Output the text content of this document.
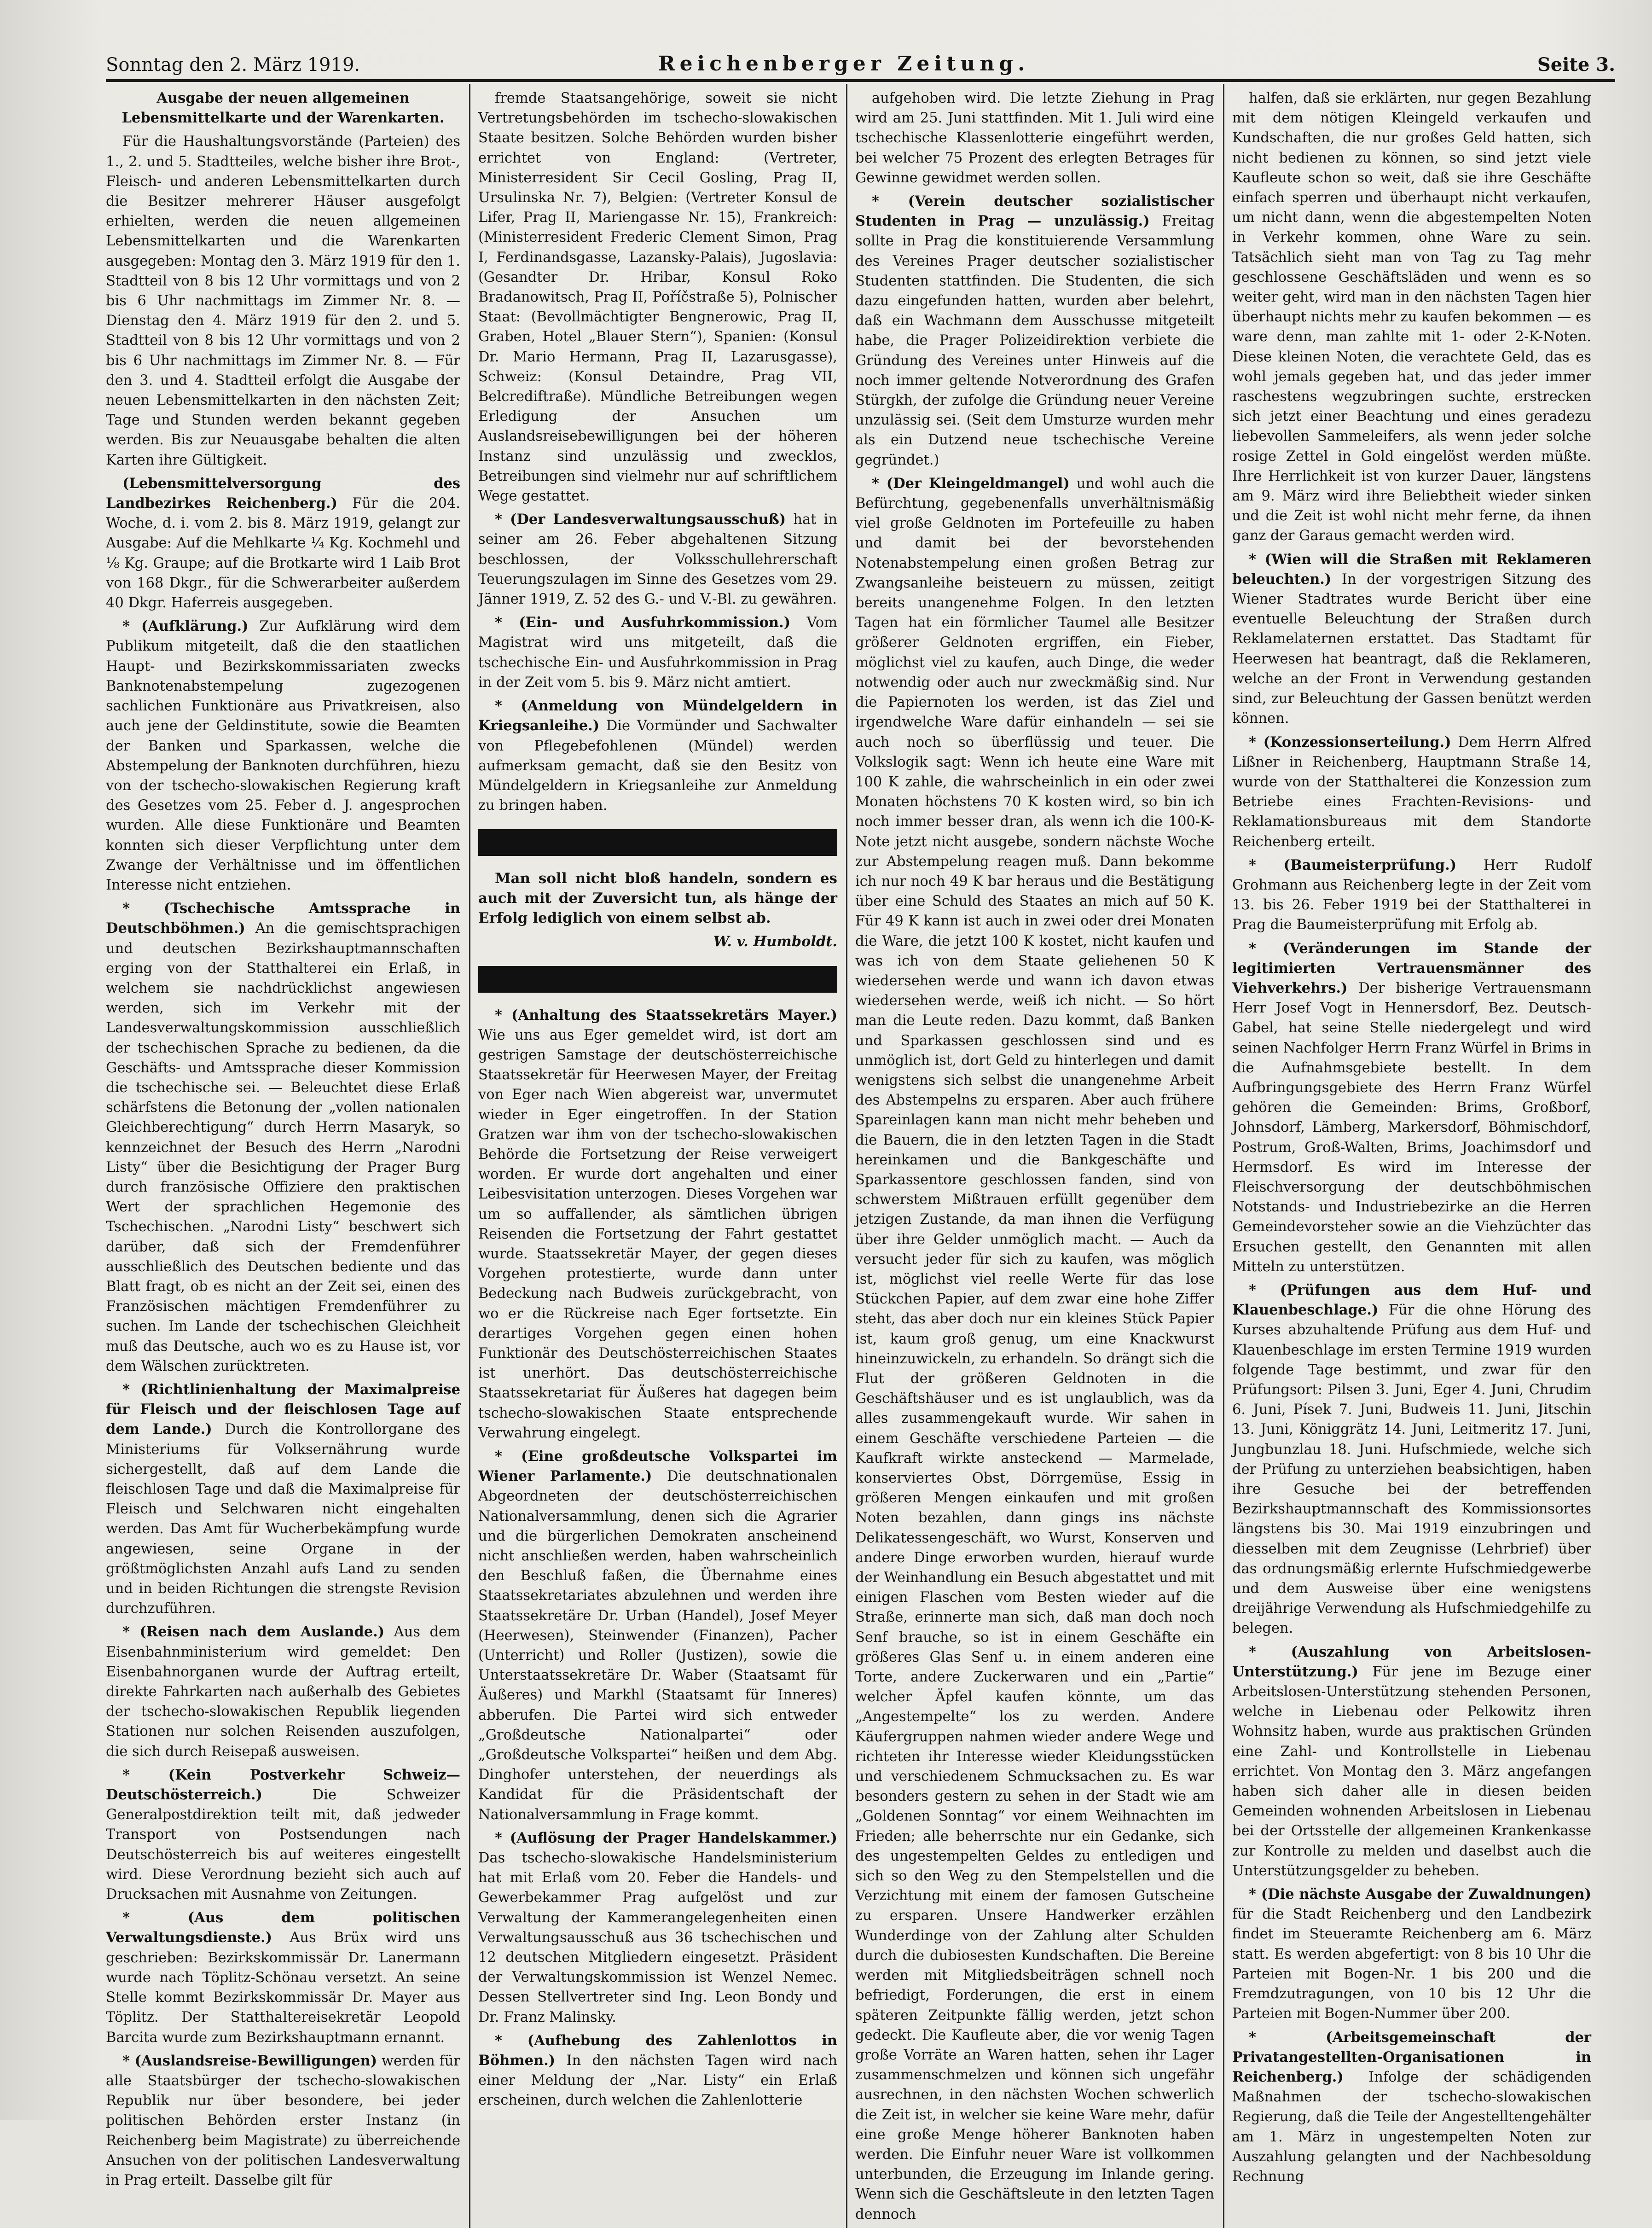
Sonntag den 2. März 1919.	Reichenberger Zeitung.	Seite 3.

Ausgabe der neuen allgemeinen Lebensmittelkarte und der Warenkarten.

Für die Haushaltungsvorstände (Parteien) des 1., 2. und 5. Stadtteiles, welche bisher ihre Brot-, Fleisch- und anderen Lebensmittelkarten durch die Besitzer mehrerer Häuser ausgefolgt erhielten, werden die neuen allgemeinen Lebensmittelkarten und die Warenkarten ausgegeben: Montag den 3. März 1919 für den 1. Stadtteil von 8 bis 12 Uhr vormittags und von 2 bis 6 Uhr nachmittags im Zimmer Nr. 8. — Dienstag den 4. März 1919 für den 2. und 5. Stadtteil von 8 bis 12 Uhr vormittags und von 2 bis 6 Uhr nachmittags im Zimmer Nr. 8. — Für den 3. und 4. Stadtteil erfolgt die Ausgabe der neuen Lebensmittelkarten in den nächsten Zeit; Tage und Stunden werden bekannt gegeben werden. Bis zur Neuausgabe behalten die alten Karten ihre Gültigkeit.

(Lebensmittelversorgung des Landbezirkes Reichenberg.) Für die 204. Woche, d. i. vom 2. bis 8. März 1919, gelangt zur Ausgabe: Auf die Mehlkarte ¼ Kg. Kochmehl und ⅛ Kg. Graupe; auf die Brotkarte wird 1 Laib Brot von 168 Dkgr., für die Schwerarbeiter außerdem 40 Dkgr. Haferreis ausgegeben.

* (Aufklärung.) Zur Aufklärung wird dem Publikum mitgeteilt, daß die den staatlichen Haupt- und Bezirkskommissariaten zwecks Banknotenabstempelung zugezogenen sachlichen Funktionäre aus Privatkreisen, also auch jene der Geldinstitute, sowie die Beamten der Banken und Sparkassen, welche die Abstempelung der Banknoten durchführen, hiezu von der tschecho-slowakischen Regierung kraft des Gesetzes vom 25. Feber d. J. angesprochen wurden. Alle diese Funktionäre und Beamten konnten sich dieser Verpflichtung unter dem Zwange der Verhältnisse und im öffentlichen Interesse nicht entziehen.

* (Tschechische Amtssprache in Deutschböhmen.) An die gemischtsprachigen und deutschen Bezirkshauptmannschaften erging von der Statthalterei ein Erlaß, in welchem sie nachdrücklichst angewiesen werden, sich im Verkehr mit der Landesverwaltungskommission ausschließlich der tschechischen Sprache zu bedienen, da die Geschäfts- und Amtssprache dieser Kommission die tschechische sei. — Beleuchtet diese Erlaß schärfstens die Betonung der „vollen nationalen Gleichberechtigung“ durch Herrn Masaryk, so kennzeichnet der Besuch des Herrn „Narodni Listy“ über die Besichtigung der Prager Burg durch französische Offiziere den praktischen Wert der sprachlichen Hegemonie des Tschechischen. „Narodni Listy“ beschwert sich darüber, daß sich der Fremdenführer ausschließlich des Deutschen bediente und das Blatt fragt, ob es nicht an der Zeit sei, einen des Französischen mächtigen Fremdenführer zu suchen. Im Lande der tschechischen Gleichheit muß das Deutsche, auch wo es zu Hause ist, vor dem Wälschen zurücktreten.

* (Richtlinienhaltung der Maximalpreise für Fleisch und der fleischlosen Tage auf dem Lande.) Durch die Kontrollorgane des Ministeriums für Volksernährung wurde sichergestellt, daß auf dem Lande die fleischlosen Tage und daß die Maximalpreise für Fleisch und Selchwaren nicht eingehalten werden. Das Amt für Wucherbekämpfung wurde angewiesen, seine Organe in der größtmöglichsten Anzahl aufs Land zu senden und in beiden Richtungen die strengste Revision durchzuführen.

* (Reisen nach dem Auslande.) Aus dem Eisenbahnministerium wird gemeldet: Den Eisenbahnorganen wurde der Auftrag erteilt, direkte Fahrkarten nach außerhalb des Gebietes der tschecho-slowakischen Republik liegenden Stationen nur solchen Reisenden auszufolgen, die sich durch Reisepaß ausweisen.

* (Kein Postverkehr Schweiz—Deutschösterreich.)	Die Schweizer Generalpostdirektion teilt mit, daß jedweder Transport von Postsendungen nach Deutschösterreich bis auf weiteres eingestellt wird. Diese Verordnung bezieht sich auch auf Drucksachen mit Ausnahme von Zeitungen.

* (Aus dem politischen Verwaltungsdienste.) Aus Brüx wird uns geschrieben: Bezirkskommissär Dr. Lanermann wurde nach Töplitz-Schönau versetzt. An seine Stelle kommt Bezirkskommissär Dr. Mayer aus Töplitz. Der Statthaltereisekretär Leopold Barcita wurde zum Bezirkshauptmann ernannt.

* (Auslandsreise-Bewilligungen) werden für alle Staatsbürger der tschecho-slowakischen Republik nur über besondere, bei jeder politischen Behörden erster Instanz (in Reichenberg beim Magistrate) zu überreichende Ansuchen von der politischen Landesverwaltung in Prag erteilt. Dasselbe gilt für

fremde Staatsangehörige, soweit sie nicht Vertretungsbehörden im tschecho-slowakischen Staate besitzen. Solche Behörden wurden bisher errichtet von England: (Vertreter, Ministerresident Sir Cecil Gosling, Prag II, Ursulinska Nr. 7), Belgien: (Vertreter Konsul de Lifer, Prag II, Mariengasse Nr. 15), Frankreich: (Ministerresident Frederic Clement Simon, Prag I, Ferdinandsgasse, Lazansky-Palais), Jugoslavia: (Gesandter Dr. Hribar, Konsul Roko Bradanowitsch, Prag II, Poříčstraße 5), Polnischer Staat: (Bevollmächtigter Bengnerowic, Prag II, Graben, Hotel „Blauer Stern“), Spanien: (Konsul Dr. Mario Hermann, Prag II, Lazarusgasse), Schweiz: (Konsul Detaindre, Prag VII, Belcrediftraße). Mündliche Betreibungen wegen Erledigung der Ansuchen um Auslandsreisebewilligungen bei der höheren Instanz sind unzulässig und zwecklos, Betreibungen sind vielmehr nur auf schriftlichem Wege gestattet.

* (Der Landesverwaltungsausschuß) hat in seiner am 26. Feber abgehaltenen Sitzung beschlossen, der Volksschullehrerschaft Teuerungszulagen im Sinne des Gesetzes vom 29. Jänner 1919, Z. 52 des G.- und V.-Bl. zu gewähren.

* (Ein- und Ausfuhrkommission.) Vom Magistrat wird uns mitgeteilt, daß die tschechische Ein- und Ausfuhrkommission in Prag in der Zeit vom 5. bis 9. März nicht amtiert.

* (Anmeldung von Mündelgeldern in Kriegsanleihe.) Die Vormünder und Sachwalter von Pflegebefohlenen (Mündel) werden aufmerksam gemacht, daß sie den Besitz von Mündelgeldern in Kriegsanleihe zur Anmeldung zu bringen haben.

Man soll nicht bloß handeln, sondern es auch mit der Zuversicht tun, als hänge der Erfolg lediglich von einem selbst ab.

W. v. Humboldt.

* (Anhaltung des Staatssekretärs Mayer.) Wie uns aus Eger gemeldet wird, ist dort am gestrigen Samstage der deutschösterreichische Staatssekretär für Heerwesen Mayer, der Freitag von Eger nach Wien abgereist war, unvermutet wieder in Eger eingetroffen. In der Station Gratzen war ihm von der tschecho-slowakischen Behörde die Fortsetzung der Reise verweigert worden. Er wurde dort angehalten und einer Leibesvisitation unterzogen. Dieses Vorgehen war um so auffallender, als sämtlichen übrigen Reisenden die Fortsetzung der Fahrt gestattet wurde. Staatssekretär Mayer, der gegen dieses Vorgehen protestierte, wurde dann unter Bedeckung nach Budweis zurückgebracht, von wo er die Rückreise nach Eger fortsetzte. Ein derartiges Vorgehen gegen einen hohen Funktionär des Deutschösterreichischen Staates ist unerhört. Das deutschösterreichische Staatssekretariat für Äußeres hat dagegen beim tschecho-slowakischen Staate entsprechende Verwahrung eingelegt.

* (Eine großdeutsche Volkspartei im Wiener Parlamente.) Die deutschnationalen Abgeordneten der deutschösterreichischen Nationalversammlung, denen sich die Agrarier und die bürgerlichen Demokraten anscheinend nicht anschließen werden, haben wahrscheinlich den Beschluß faßen, die Übernahme eines Staatssekretariates abzulehnen und werden ihre Staatssekretäre Dr. Urban (Handel), Josef Meyer (Heerwesen), Steinwender (Finanzen), Pacher (Unterricht) und Roller (Justizen), sowie die Unterstaatssekretäre Dr. Waber (Staatsamt für Äußeres) und Markhl (Staatsamt für Inneres) abberufen. Die Partei wird sich entweder „Großdeutsche Nationalpartei“ oder „Großdeutsche Volkspartei“ heißen und dem Abg. Dinghofer unterstehen, der neuerdings als Kandidat für die Präsidentschaft der Nationalversammlung in Frage kommt.

* (Auflösung der Prager Handelskammer.) Das tschecho-slowakische Handelsministerium hat mit Erlaß vom 20. Feber die Handels- und Gewerbekammer Prag aufgelöst und zur Verwaltung der Kammerangelegenheiten einen Verwaltungsausschuß aus 36 tschechischen und 12 deutschen Mitgliedern eingesetzt. Präsident der Verwaltungskommission ist Wenzel Nemec. Dessen Stellvertreter sind Ing. Leon Bondy und Dr. Franz Malinsky.

* (Aufhebung des Zahlenlottos in Böhmen.) In den nächsten Tagen wird nach einer Meldung der „Nar. Listy“ ein Erlaß erscheinen, durch welchen die Zahlenlotterie

aufgehoben wird. Die letzte Ziehung in Prag wird am 25. Juni stattfinden. Mit 1. Juli wird eine tschechische Klassenlotterie eingeführt werden, bei welcher 75 Prozent des erlegten Betrages für Gewinne gewidmet werden sollen.

* (Verein deutscher sozialistischer Studenten in Prag — unzulässig.) Freitag sollte in Prag die konstituierende Versammlung des Vereines Prager deutscher sozialistischer Studenten stattfinden. Die Studenten, die sich dazu eingefunden hatten, wurden aber belehrt, daß ein Wachmann dem Ausschusse mitgeteilt habe, die Prager Polizeidirektion verbiete die Gründung des Vereines unter Hinweis auf die noch immer geltende Notverordnung des Grafen Stürgkh, der zufolge die Gründung neuer Vereine unzulässig sei. (Seit dem Umsturze wurden mehr als ein Dutzend neue tschechische Vereine gegründet.)

* (Der Kleingeldmangel) und wohl auch die Befürchtung, gegebenenfalls unverhältnismäßig viel große Geldnoten im Portefeuille zu haben und damit bei der bevorstehenden Notenabstempelung einen großen Betrag zur Zwangsanleihe beisteuern zu müssen, zeitigt bereits unangenehme Folgen. In den letzten Tagen hat ein förmlicher Taumel alle Besitzer größerer Geldnoten ergriffen, ein Fieber, möglichst viel zu kaufen, auch Dinge, die weder notwendig oder auch nur zweckmäßig sind. Nur die Papiernoten los werden, ist das Ziel und irgendwelche Ware dafür einhandeln — sei sie auch noch so überflüssig und teuer. Die Volkslogik sagt: Wenn ich heute eine Ware mit 100 K zahle, die wahrscheinlich in ein oder zwei Monaten höchstens 70 K kosten wird, so bin ich noch immer besser dran, als wenn ich die 100-K-Note jetzt nicht ausgebe, sondern nächste Woche zur Abstempelung reagen muß. Dann bekomme ich nur noch 49 K bar heraus und die Bestätigung über eine Schuld des Staates an mich auf 50 K. Für 49 K kann ist auch in zwei oder drei Monaten die Ware, die jetzt 100 K kostet, nicht kaufen und was ich von dem Staate geliehenen 50 K wiedersehen werde und wann ich davon etwas wiedersehen werde, weiß ich nicht. — So hört man die Leute reden. Dazu kommt, daß Banken und Sparkassen geschlossen sind und es unmöglich ist, dort Geld zu hinterlegen und damit wenigstens sich selbst die unangenehme Arbeit des Abstempelns zu ersparen. Aber auch frühere Spareinlagen kann man nicht mehr beheben und die Bauern, die in den letzten Tagen in die Stadt hereinkamen und die Bankgeschäfte und Sparkassentore geschlossen fanden, sind von schwerstem Mißtrauen erfüllt gegenüber dem jetzigen Zustande, da man ihnen die Verfügung über ihre Gelder unmöglich macht. — Auch da versucht jeder für sich zu kaufen, was möglich ist, möglichst viel reelle Werte für das lose Stückchen Papier, auf dem zwar eine hohe Ziffer steht, das aber doch nur ein kleines Stück Papier ist, kaum groß genug, um eine Knackwurst hineinzuwickeln, zu erhandeln. So drängt sich die Flut der größeren Geldnoten in die Geschäftshäuser und es ist unglaublich, was da alles zusammengekauft wurde. Wir sahen in einem Geschäfte verschiedene Parteien — die Kaufkraft wirkte ansteckend — Marmelade, konserviertes Obst, Dörrgemüse, Essig in größeren Mengen einkaufen und mit großen Noten bezahlen, dann gings ins nächste Delikatessengeschäft, wo Wurst, Konserven und andere Dinge erworben wurden, hierauf wurde der Weinhandlung ein Besuch abgestattet und mit einigen Flaschen vom Besten wieder auf die Straße, erinnerte man sich, daß man doch noch Senf brauche, so ist in einem Geschäfte ein größeres Glas Senf u. in einem anderen eine Torte, andere Zuckerwaren und ein „Partie“ welcher Äpfel kaufen könnte, um das „Angestempelte“ los zu werden. Andere Käufergruppen nahmen wieder andere Wege und richteten ihr Interesse wieder Kleidungsstücken und verschiedenem Schmucksachen zu. Es war besonders gestern zu sehen in der Stadt wie am „Goldenen Sonntag“ vor einem Weihnachten im Frieden; alle beherrschte nur ein Gedanke, sich des ungestempelten Geldes zu entledigen und sich so den Weg zu den Stempelstellen und die Verzichtung mit einem der famosen Gutscheine zu ersparen. Unsere Handwerker erzählen Wunderdinge von der Zahlung alter Schulden durch die dubiosesten Kundschaften. Die Bereine werden mit Mitgliedsbeiträgen schnell noch befriedigt, Forderungen, die erst in einem späteren Zeitpunkte fällig werden, jetzt schon gedeckt. Die Kaufleute aber, die vor wenig Tagen große Vorräte an Waren hatten, sehen ihr Lager zusammenschmelzen und können sich ungefähr ausrechnen, in den nächsten Wochen schwerlich die Zeit ist, in welcher sie keine Ware mehr, dafür eine große Menge höherer Banknoten haben werden. Die Einfuhr neuer Ware ist vollkommen unterbunden, die Erzeugung im Inlande gering. Wenn sich die Geschäftsleute in den letzten Tagen dennoch

halfen, daß sie erklärten, nur gegen Bezahlung mit dem nötigen Kleingeld verkaufen und Kundschaften, die nur großes Geld hatten, sich nicht bedienen zu können, so sind jetzt viele Kaufleute schon so weit, daß sie ihre Geschäfte einfach sperren und überhaupt nicht verkaufen, um nicht dann, wenn die abgestempelten Noten in Verkehr kommen, ohne Ware zu sein. Tatsächlich sieht man von Tag zu Tag mehr geschlossene Geschäftsläden und wenn es so weiter geht, wird man in den nächsten Tagen hier überhaupt nichts mehr zu kaufen bekommen — es ware denn, man zahlte mit 1- oder 2-K-Noten. Diese kleinen Noten, die verachtete Geld, das es wohl jemals gegeben hat, und das jeder immer raschestens wegzubringen suchte, erstrecken sich jetzt einer Beachtung und eines geradezu liebevollen Sammeleifers, als wenn jeder solche rosige Zettel in Gold eingelöst werden müßte. Ihre Herrlichkeit ist von kurzer Dauer, längstens am 9. März wird ihre Beliebtheit wieder sinken und die Zeit ist wohl nicht mehr ferne, da ihnen ganz der Garaus gemacht werden wird.

* (Wien will die Straßen mit Reklameren beleuchten.) In der vorgestrigen Sitzung des Wiener Stadtrates wurde Bericht über eine eventuelle Beleuchtung der Straßen durch Reklamelaternen erstattet. Das Stadtamt für Heerwesen hat beantragt, daß die Reklameren, welche an der Front in Verwendung gestanden sind, zur Beleuchtung der Gassen benützt werden können.

* (Konzessionserteilung.) Dem Herrn Alfred Lißner in Reichenberg, Hauptmann Straße 14, wurde von der Statthalterei die Konzession zum Betriebe eines Frachten-Revisions- und Reklamationsbureaus mit dem Standorte Reichenberg erteilt.

* (Baumeisterprüfung.) Herr Rudolf Grohmann aus Reichenberg legte in der Zeit vom 13. bis 26. Feber 1919 bei der Statthalterei in Prag die Baumeisterprüfung mit Erfolg ab.

* (Veränderungen im Stande der legitimierten Vertrauensmänner des Viehverkehrs.) Der bisherige Vertrauensmann Herr Josef Vogt in Hennersdorf, Bez. Deutsch-Gabel, hat seine Stelle niedergelegt und wird seinen Nachfolger Herrn Franz Würfel in Brims in die Aufnahmsgebiete bestellt. In dem Aufbringungsgebiete des Herrn Franz Würfel gehören die Gemeinden: Brims, Großborf, Johnsdorf, Lämberg, Markersdorf, Böhmischdorf, Postrum, Groß-Walten, Brims, Joachimsdorf und Hermsdorf. Es wird im Interesse der Fleischversorgung der deutschböhmischen Notstands- und Industriebezirke an die Herren Gemeindevorsteher sowie an die Viehzüchter das Ersuchen gestellt, den Genannten mit allen Mitteln zu unterstützen.

* (Prüfungen aus dem Huf- und Klauenbeschlage.) Für die ohne Hörung des Kurses abzuhaltende Prüfung aus dem Huf- und Klauenbeschlage im ersten Termine 1919 wurden folgende Tage bestimmt, und zwar für den Prüfungsort: Pilsen 3. Juni, Eger 4. Juni, Chrudim 6. Juni, Písek 7. Juni, Budweis 11. Juni, Jitschin 13. Juni, Königgrätz 14. Juni, Leitmeritz 17. Juni, Jungbunzlau 18. Juni. Hufschmiede, welche sich der Prüfung zu unterziehen beabsichtigen, haben ihre Gesuche bei der betreffenden Bezirkshauptmannschaft des Kommissionsortes längstens bis 30. Mai 1919 einzubringen und diesselben mit dem Zeugnisse (Lehrbrief) über das ordnungsmäßig erlernte Hufschmiedgewerbe und dem Ausweise über eine wenigstens dreijährige Verwendung als Hufschmiedgehilfe zu belegen.

* (Auszahlung von Arbeitslosen-Unterstützung.) Für jene im Bezuge einer Arbeitslosen-Unterstützung stehenden Personen, welche in Liebenau oder Pelkowitz ihren Wohnsitz haben, wurde aus praktischen Gründen eine Zahl- und Kontrollstelle in Liebenau errichtet. Von Montag den 3. März angefangen haben sich daher alle in diesen beiden Gemeinden wohnenden Arbeitslosen in Liebenau bei der Ortsstelle der allgemeinen Krankenkasse zur Kontrolle zu melden und daselbst auch die Unterstützungsgelder zu beheben.

* (Die nächste Ausgabe der Zuwaldnungen) für die Stadt Reichenberg und den Landbezirk findet im Steueramte Reichenberg am 6. März statt. Es werden abgefertigt: von 8 bis 10 Uhr die Parteien mit Bogen-Nr. 1 bis 200 und die Fremdzutragungen, von 10 bis 12 Uhr die Parteien mit Bogen-Nummer über 200.

* (Arbeitsgemeinschaft der Privatangestellten-Organisationen in Reichenberg.) Infolge der schädigenden Maßnahmen der tschecho-slowakischen Regierung, daß die Teile der Angestelltengehälter am 1. März in ungestempelten Noten zur Auszahlung gelangten und der Nachbesoldung Rechnung
